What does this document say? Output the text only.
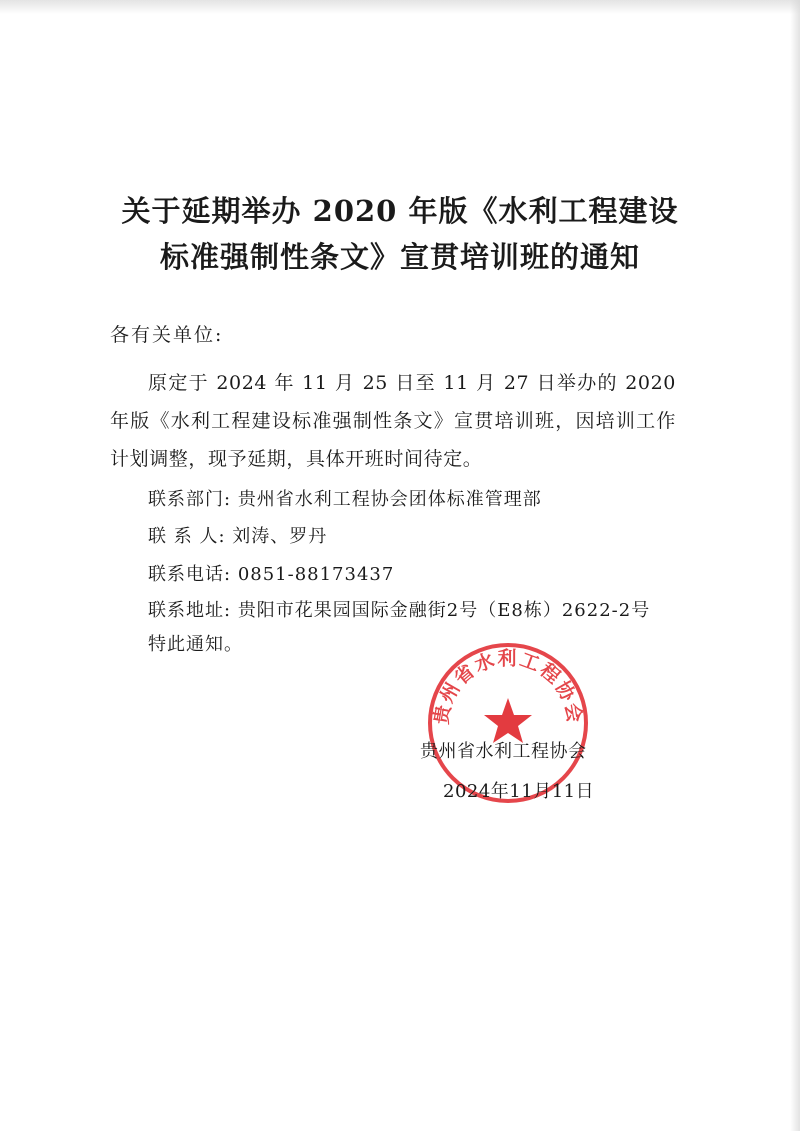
关于延期举办 2020 年版《水利工程建设
标准强制性条文》宣贯培训班的通知
各有关单位:

原定于 2024 年 11 月 25 日至 11 月 27 日举办的 2020 年版《水利工程建设标准强制性条文》宣贯培训班，因培训工作计划调整，现予延期，具体开班时间待定。

联系部门: 贵州省水利工程协会团体标准管理部
联 系 人: 刘涛、罗丹
联系电话: 0851-88173437
联系地址: 贵阳市花果园国际金融街2号（E8栋）2622-2号
特此通知。
贵州省水利工程协会
贵州省水利工程协会
2024年11月11日
